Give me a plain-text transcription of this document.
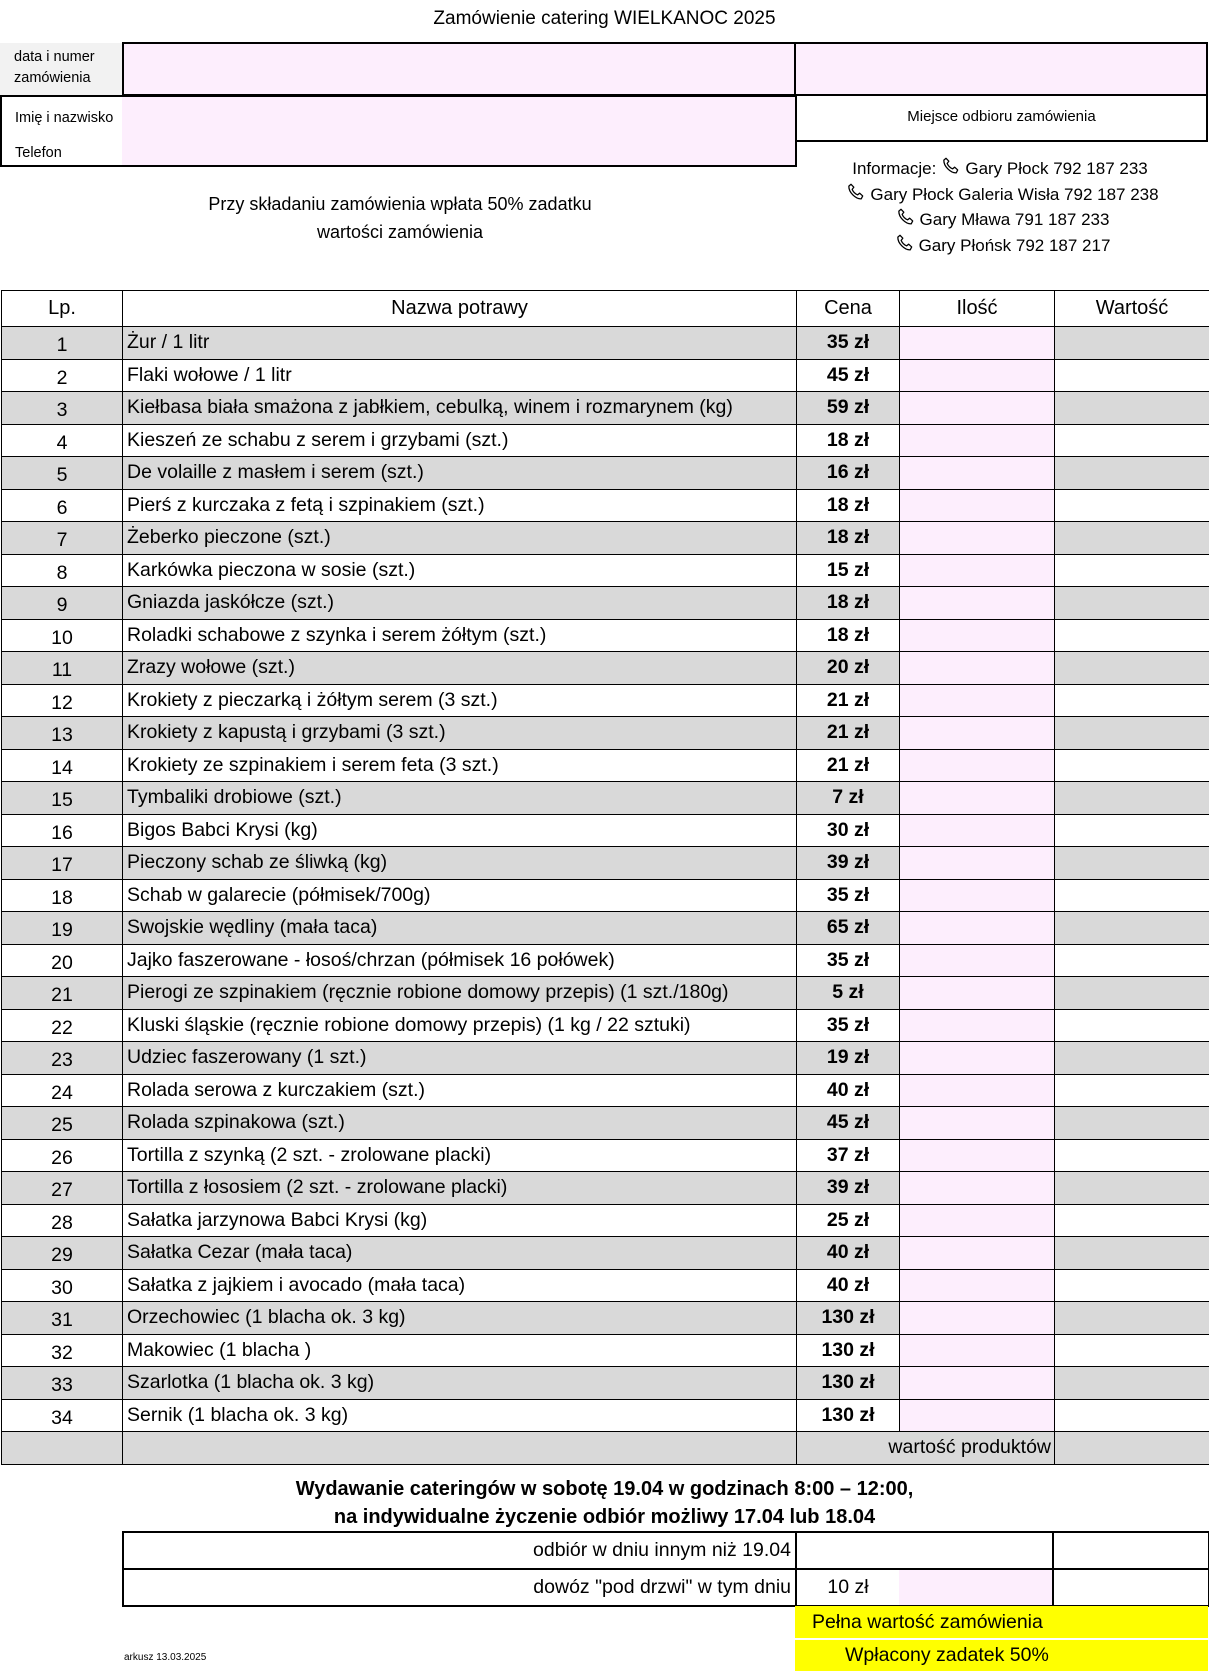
Zamówienie catering WIELKANOC 2025
data i numer
zamówienia
Imię i nazwisko
Telefon
Miejsce odbioru zamówienia
Przy składaniu zamówienia wpłata 50% zadatku
wartości zamówienia
Informacje: Gary Płock 792 187 233
Gary Płock Galeria Wisła 792 187 238
Gary Mława 791 187 233
Gary Płońsk 792 187 217
Lp.	Nazwa potrawy	Cena	Ilość	Wartość
1	Żur / 1 litr	35 zł		
2	Flaki wołowe / 1 litr	45 zł		
3	Kiełbasa biała smażona z jabłkiem, cebulką, winem i rozmarynem (kg)	59 zł		
4	Kieszeń ze schabu z serem i grzybami (szt.)	18 zł		
5	De volaille z masłem i serem (szt.)	16 zł		
6	Pierś z kurczaka z fetą i szpinakiem (szt.)	18 zł		
7	Żeberko pieczone (szt.)	18 zł		
8	Karkówka pieczona w sosie (szt.)	15 zł		
9	Gniazda jaskółcze (szt.)	18 zł		
10	Roladki schabowe z szynka i serem żółtym (szt.)	18 zł		
11	Zrazy wołowe (szt.)	20 zł		
12	Krokiety z pieczarką i żółtym serem (3 szt.)	21 zł		
13	Krokiety z kapustą i grzybami (3 szt.)	21 zł		
14	Krokiety ze szpinakiem i serem feta (3 szt.)	21 zł		
15	Tymbaliki drobiowe (szt.)	7 zł		
16	Bigos Babci Krysi (kg)	30 zł		
17	Pieczony schab ze śliwką (kg)	39 zł		
18	Schab w galarecie (półmisek/700g)	35 zł		
19	Swojskie wędliny (mała taca)	65 zł		
20	Jajko faszerowane - łosoś/chrzan (półmisek 16 połówek)	35 zł		
21	Pierogi ze szpinakiem (ręcznie robione domowy przepis) (1 szt./180g)	5 zł		
22	Kluski śląskie (ręcznie robione domowy przepis) (1 kg / 22 sztuki)	35 zł		
23	Udziec faszerowany (1 szt.)	19 zł		
24	Rolada serowa z kurczakiem (szt.)	40 zł		
25	Rolada szpinakowa (szt.)	45 zł		
26	Tortilla z szynką (2 szt. - zrolowane placki)	37 zł		
27	Tortilla z łososiem (2 szt. - zrolowane placki)	39 zł		
28	Sałatka jarzynowa Babci Krysi (kg)	25 zł		
29	Sałatka Cezar (mała taca)	40 zł		
30	Sałatka z jajkiem i avocado (mała taca)	40 zł		
31	Orzechowiec (1 blacha ok. 3 kg)	130 zł		
32	Makowiec (1 blacha )	130 zł		
33	Szarlotka (1 blacha ok. 3 kg)	130 zł		
34	Sernik (1 blacha ok. 3 kg)	130 zł		
		wartość produktów		
Wydawanie cateringów w sobotę 19.04 w godzinach 8:00 – 12:00,
na indywidualne życzenie odbiór możliwy 17.04 lub 18.04
odbiór w dniu innym niż 19.04		
dowóz "pod drzwi" w tym dniu	10 zł	

Pełna wartość zamówienia
Wpłacony zadatek 50%
arkusz 13.03.2025
